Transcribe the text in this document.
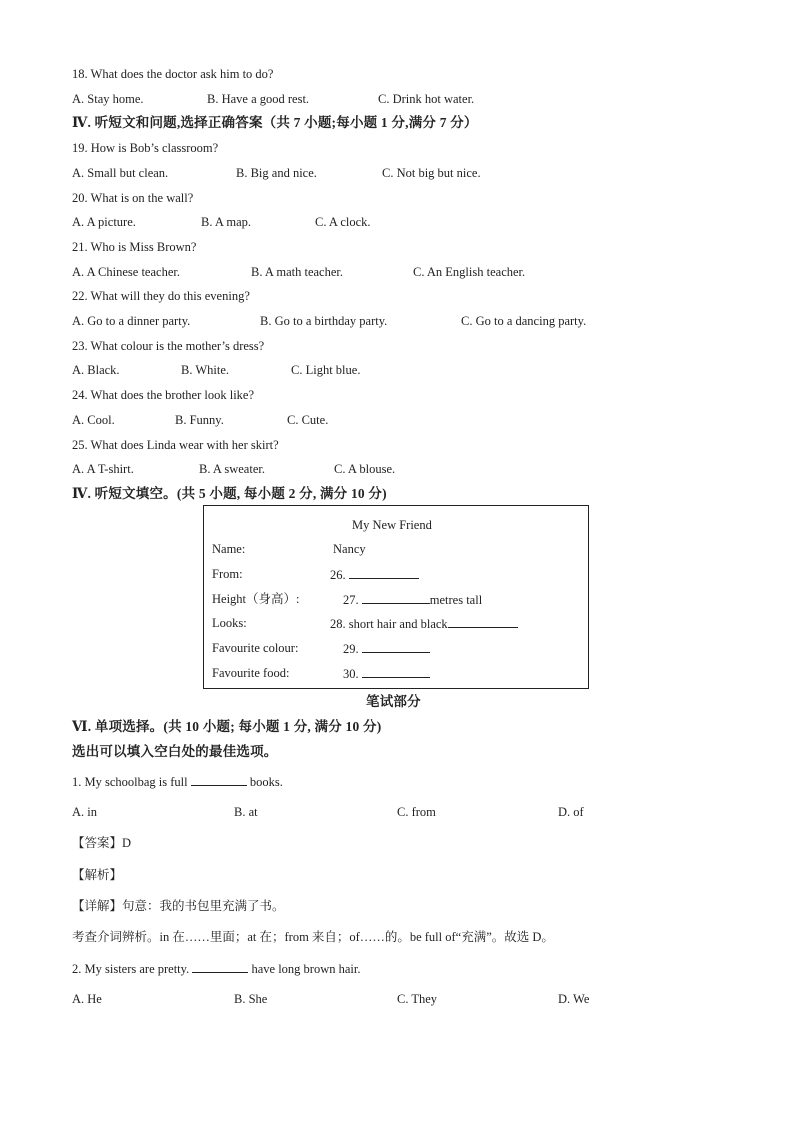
18. What does the doctor ask him to do?
A. Stay home.	B. Have a good rest.	C. Drink hot water.
Ⅳ. 听短文和问题,选择正确答案（共 7 小题;每小题 1 分,满分 7 分）
19. How is Bob’s classroom?
A. Small but clean.	B. Big and nice.	C. Not big but nice.
20. What is on the wall?
A. A picture.	B. A map.	C. A clock.
21. Who is Miss Brown?
A. A Chinese teacher.	B. A math teacher.	C. An English teacher.
22. What will they do this evening?
A. Go to a dinner party.	B. Go to a birthday party.	C. Go to a dancing party.
23. What colour is the mother’s dress?
A. Black.	B. White.	C. Light blue.
24. What does the brother look like?
A. Cool.	B. Funny.	C. Cute.
25. What does Linda wear with her skirt?
A. A T-shirt.	B. A sweater.	C. A blouse.
Ⅳ. 听短文填空。(共 5 小题, 每小题 2 分, 满分 10 分)
My New Friend
Name:	Nancy
From:	26.
Height（身高）:	27.	metres tall
Looks:	28. short hair and black
Favourite colour:	29.
Favourite food:	30.
笔试部分
Ⅵ. 单项选择。(共 10 小题; 每小题 1 分, 满分 10 分)
选出可以填入空白处的最佳选项。
1. My schoolbag is full	books.
A. in	B. at	C. from	D. of
【答案】D
【解析】
【详解】句意：我的书包里充满了书。
考查介词辨析。in 在……里面；at 在；from 来自；of……的。be full of“充满”。故选 D。
2. My sisters are pretty.	have long brown hair.
A. He	B. She	C. They	D. We
